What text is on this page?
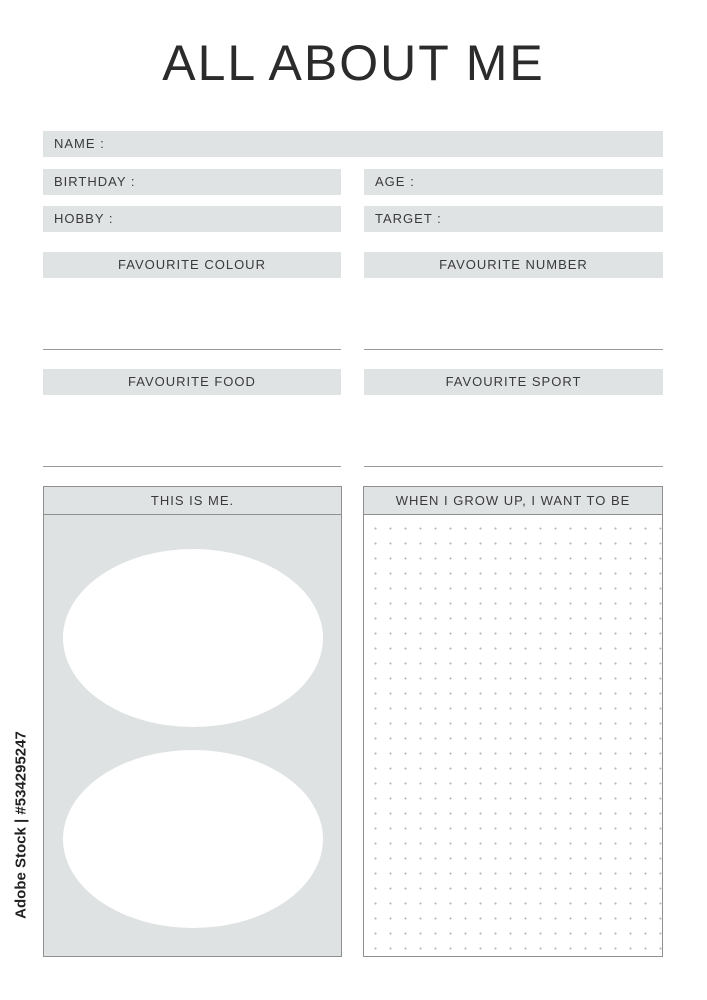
ALL ABOUT ME
NAME :
BIRTHDAY :	AGE :
HOBBY :	TARGET :
FAVOURITE COLOUR	FAVOURITE NUMBER
FAVOURITE FOOD	FAVOURITE SPORT
THIS IS ME.	WHEN I GROW UP, I WANT TO BE
Adobe Stock | #534295247
